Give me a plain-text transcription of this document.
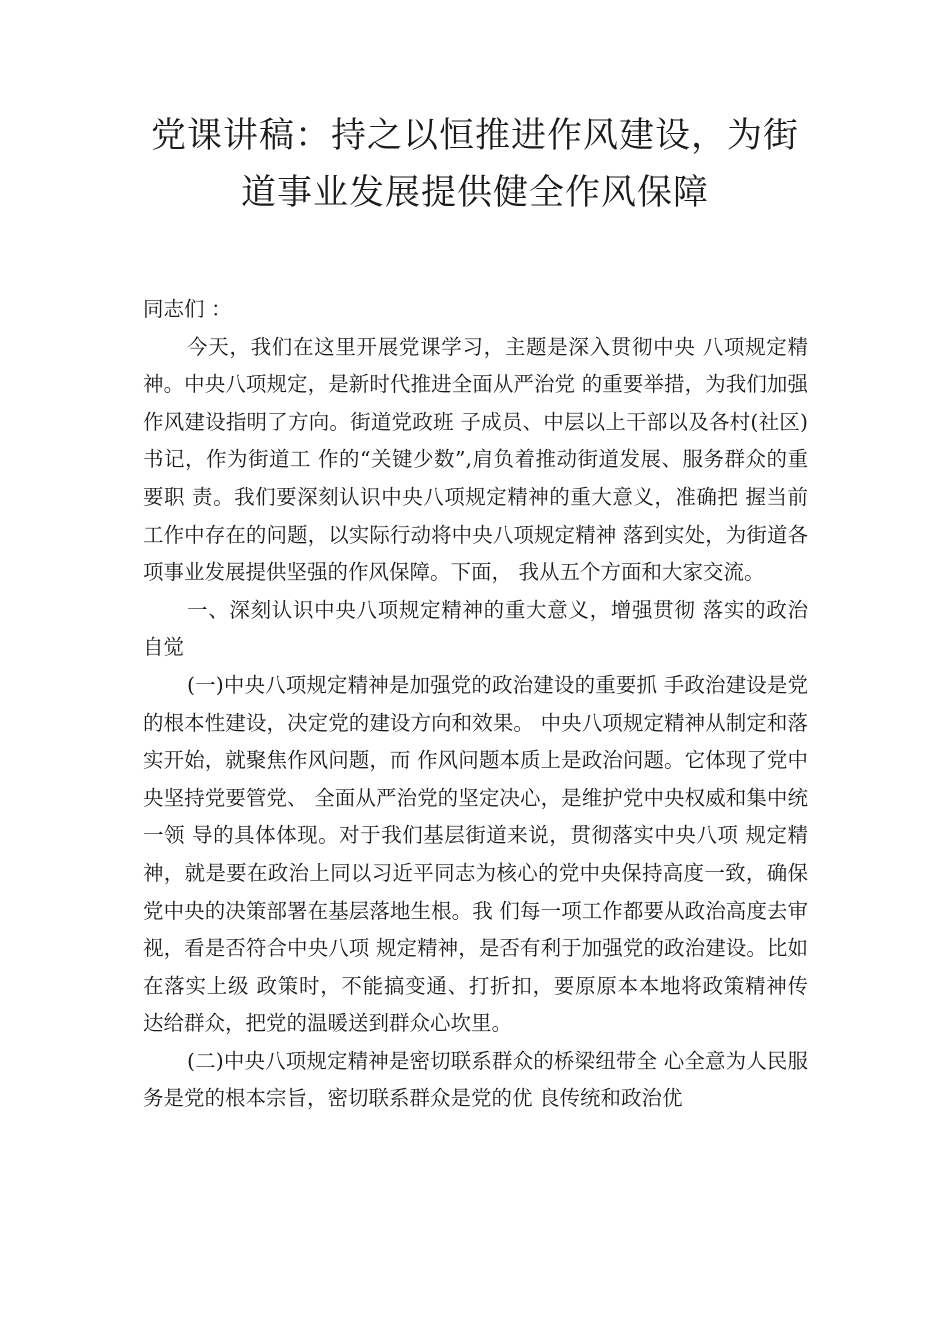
党课讲稿：持之以恒推进作风建设，为街
道事业发展提供健全作风保障

同志们 ：

今天，我们在这里开展党课学习，主题是深入贯彻中央 八项规定精神。中央八项规定，是新时代推进全面从严治党 的重要举措，为我们加强作风建设指明了方向。街道党政班 子成员、中层以上干部以及各村(社区)书记，作为街道工 作的“关键少数”,肩负着推动街道发展、服务群众的重要职 责。我们要深刻认识中央八项规定精神的重大意义，准确把 握当前工作中存在的问题，以实际行动将中央八项规定精神 落到实处，为街道各项事业发展提供坚强的作风保障。下面， 我从五个方面和大家交流。

一、深刻认识中央八项规定精神的重大意义，增强贯彻 落实的政治自觉

(一)中央八项规定精神是加强党的政治建设的重要抓 手政治建设是党的根本性建设，决定党的建设方向和效果。 中央八项规定精神从制定和落实开始，就聚焦作风问题，而 作风问题本质上是政治问题。它体现了党中央坚持党要管党、 全面从严治党的坚定决心，是维护党中央权威和集中统一领 导的具体体现。对于我们基层街道来说，贯彻落实中央八项 规定精神，就是要在政治上同以习近平同志为核心的党中央保持高度一致，确保党中央的决策部署在基层落地生根。我 们每一项工作都要从政治高度去审视，看是否符合中央八项 规定精神，是否有利于加强党的政治建设。比如在落实上级 政策时，不能搞变通、打折扣，要原原本本地将政策精神传 达给群众，把党的温暖送到群众心坎里。

(二)中央八项规定精神是密切联系群众的桥梁纽带全 心全意为人民服务是党的根本宗旨，密切联系群众是党的优 良传统和政治优
